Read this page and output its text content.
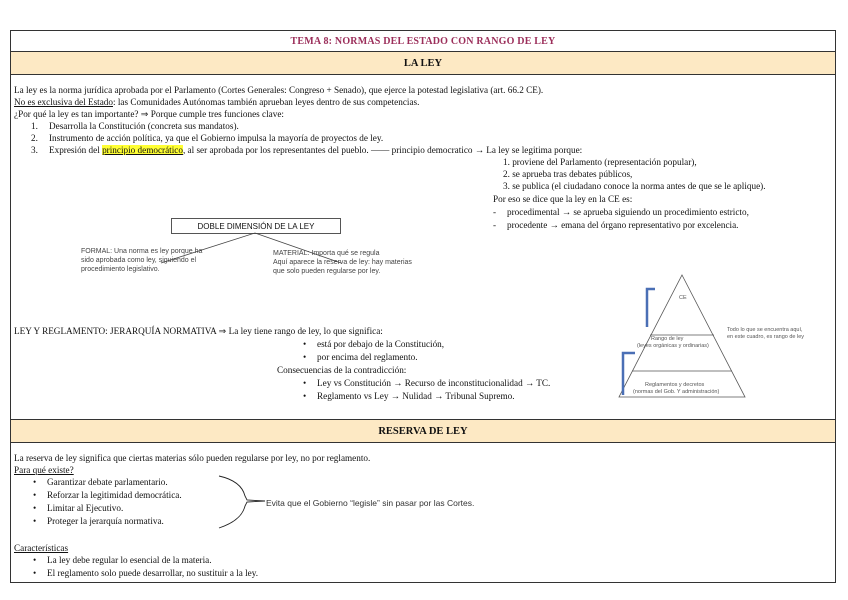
TEMA 8: NORMAS DEL ESTADO CON RANGO DE LEY
LA LEY
La ley es la norma jurídica aprobada por el Parlamento (Cortes Generales: Congreso + Senado), que ejerce la potestad legislativa (art. 66.2 CE).
No es exclusiva del Estado: las Comunidades Autónomas también aprueban leyes dentro de sus competencias.
¿Por qué la ley es tan importante? ⇒ Porque cumple tres funciones clave:
1. Desarrolla la Constitución (concreta sus mandatos).
2. Instrumento de acción política, ya que el Gobierno impulsa la mayoría de proyectos de ley.
3. Expresión del principio democrático, al ser aprobada por los representantes del pueblo. —— principio democratico → La ley se legitima porque:
1. proviene del Parlamento (representación popular),
2. se aprueba tras debates públicos,
3. se publica (el ciudadano conoce la norma antes de que se le aplique).
Por eso se dice que la ley en la CE es:
- procedimental → se aprueba siguiendo un procedimiento estricto,
- procedente → emana del órgano representativo por excelencia.
DOBLE DIMENSIÓN DE LA LEY
FORMAL: Una norma es ley porque ha
sido aprobada como ley, siguiendo el
procedimiento legislativo.
MATERIAL: Importa qué se regula
Aquí aparece la reserva de ley: hay materias
que solo pueden regularse por ley.
LEY Y REGLAMENTO: JERARQUÍA NORMATIVA ⇒ La ley tiene rango de ley, lo que significa:
• está por debajo de la Constitución,
• por encima del reglamento.
Consecuencias de la contradicción:
• Ley vs Constitución → Recurso de inconstitucionalidad → TC.
• Reglamento vs Ley → Nulidad → Tribunal Supremo.
CE
Rango de ley
(leyes orgánicas y ordinarias)
Reglamentos y decretos
(normas del Gob. Y administración)
Todo lo que se encuentra aquí,
en este cuadro, es rango de ley
RESERVA DE LEY
La reserva de ley significa que ciertas materias sólo pueden regularse por ley, no por reglamento.
Para qué existe?
• Garantizar debate parlamentario.
• Reforzar la legitimidad democrática.
• Limitar al Ejecutivo.
• Proteger la jerarquía normativa.
Evita que el Gobierno “legisle” sin pasar por las Cortes.
Características
• La ley debe regular lo esencial de la materia.
• El reglamento solo puede desarrollar, no sustituir a la ley.
